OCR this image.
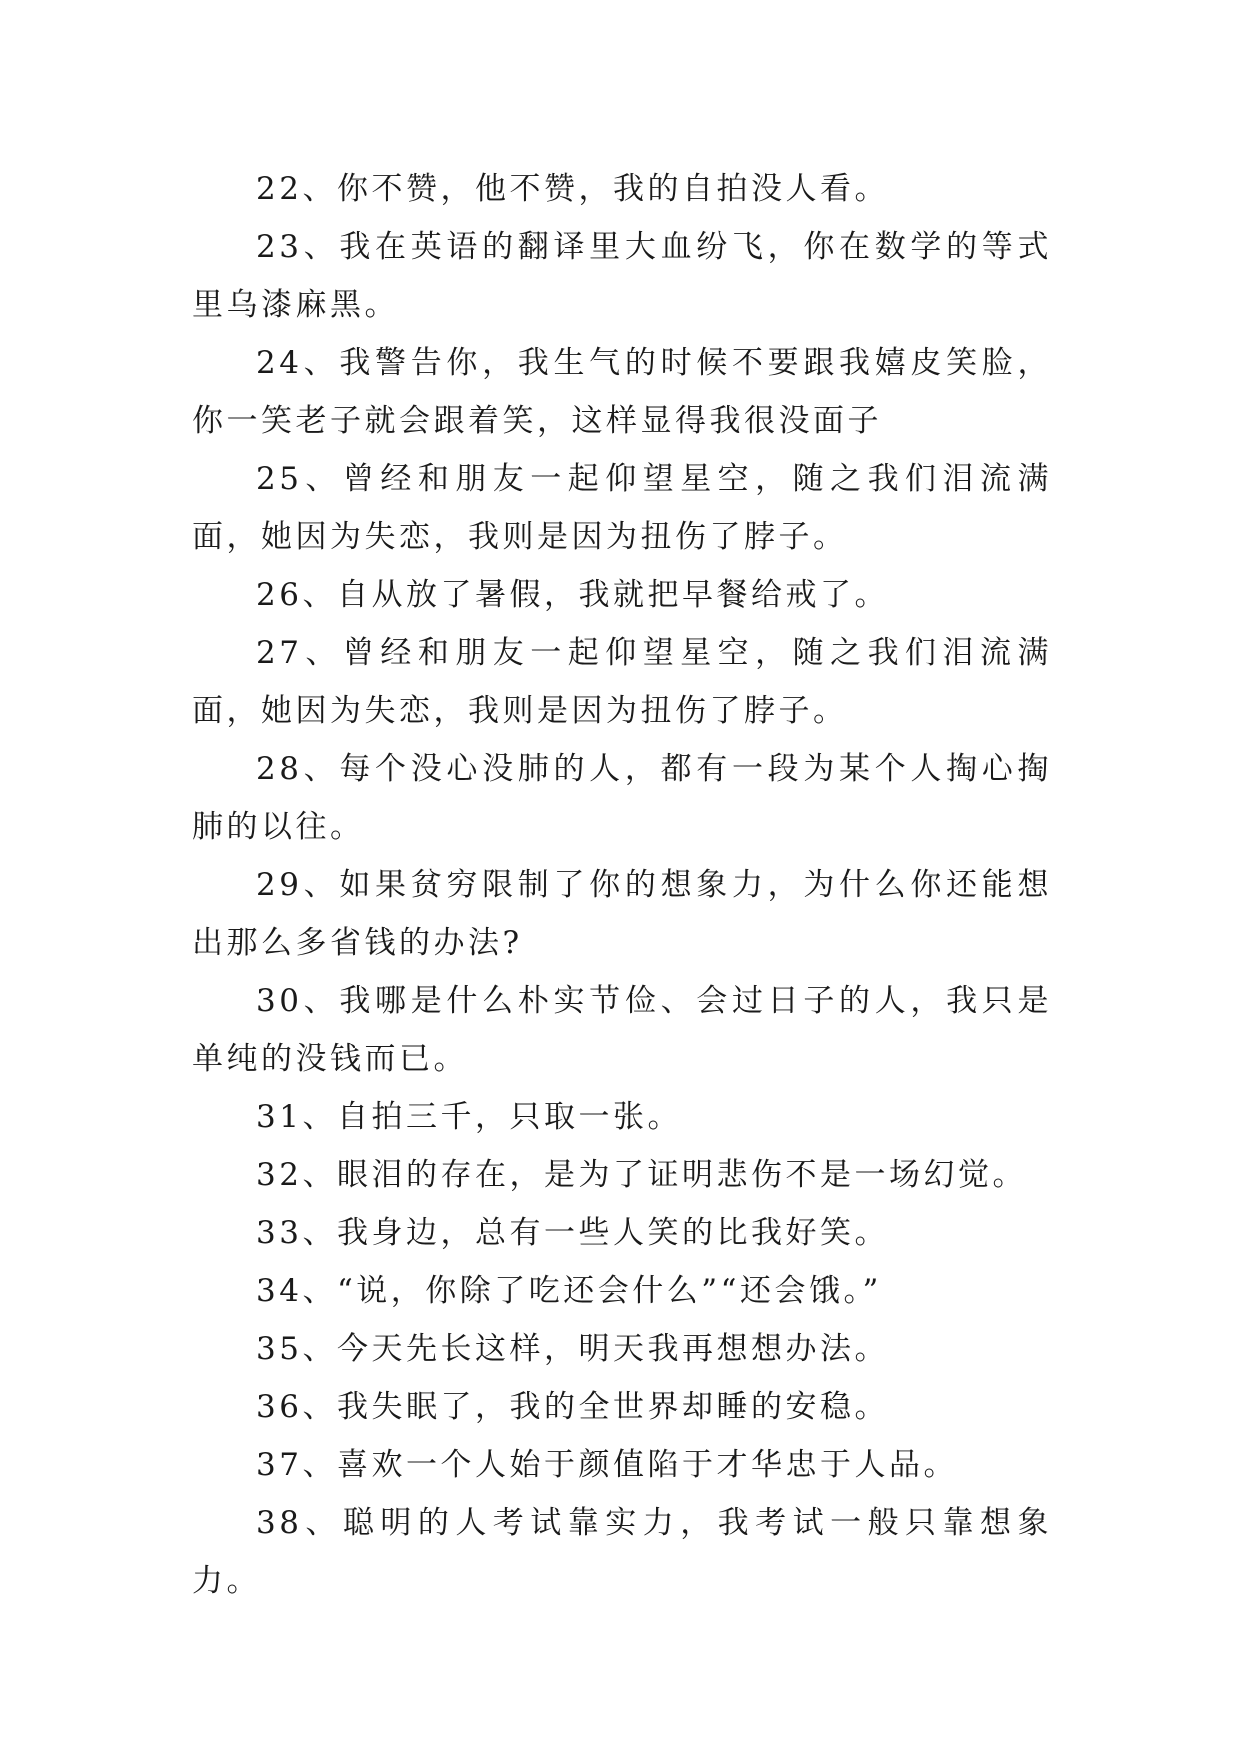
22、你不赞，他不赞，我的自拍没人看。

23、我在英语的翻译里大血纷飞，你在数学的等式里乌漆麻黑。

24、我警告你，我生气的时候不要跟我嬉皮笑脸，你一笑老子就会跟着笑，这样显得我很没面子

25、曾经和朋友一起仰望星空，随之我们泪流满面，她因为失恋，我则是因为扭伤了脖子。

26、自从放了暑假，我就把早餐给戒了。

27、曾经和朋友一起仰望星空，随之我们泪流满面，她因为失恋，我则是因为扭伤了脖子。

28、每个没心没肺的人，都有一段为某个人掏心掏肺的以往。

29、如果贫穷限制了你的想象力，为什么你还能想出那么多省钱的办法?

30、我哪是什么朴实节俭、会过日子的人，我只是单纯的没钱而已。

31、自拍三千，只取一张。

32、眼泪的存在，是为了证明悲伤不是一场幻觉。

33、我身边，总有一些人笑的比我好笑。

34、“说，你除了吃还会什么”“还会饿。”

35、今天先长这样，明天我再想想办法。

36、我失眠了，我的全世界却睡的安稳。

37、喜欢一个人始于颜值陷于才华忠于人品。

38、聪明的人考试靠实力，我考试一般只靠想象力。
